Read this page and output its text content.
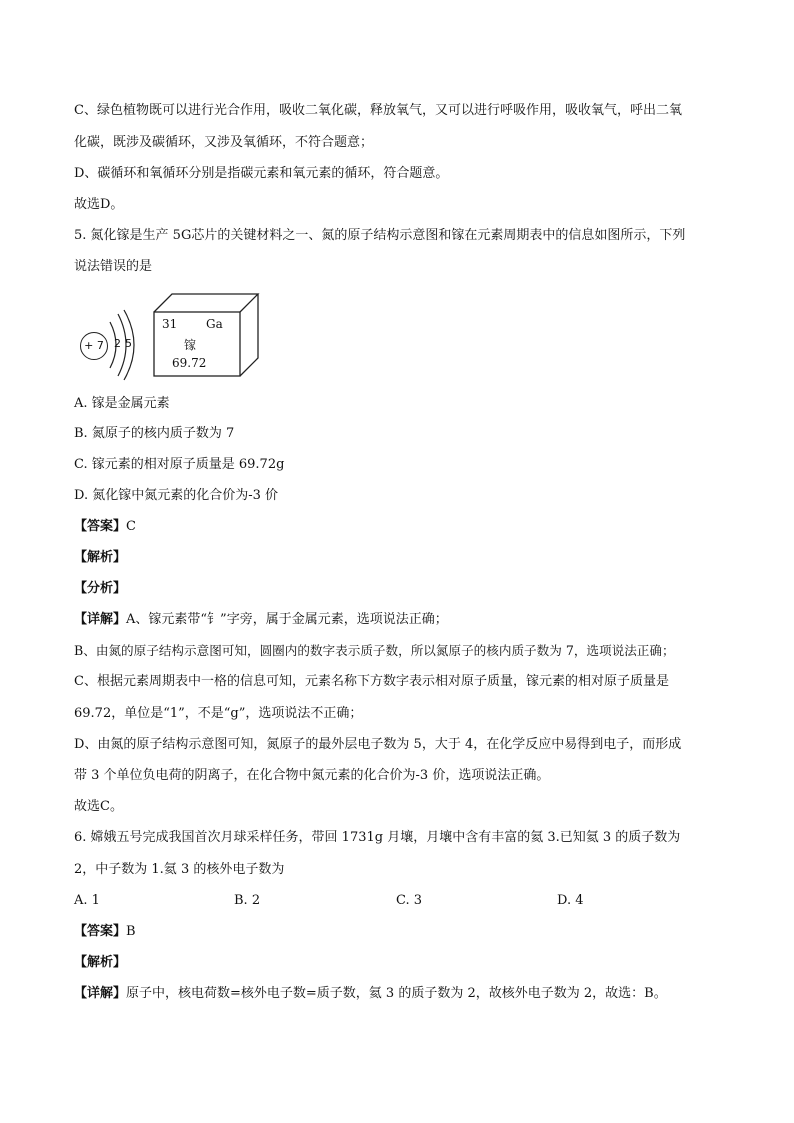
C、绿色植物既可以进行光合作用，吸收二氧化碳，释放氧气，又可以进行呼吸作用，吸收氧气，呼出二氧
化碳，既涉及碳循环，又涉及氧循环，不符合题意；
D、碳循环和氧循环分别是指碳元素和氧元素的循环，符合题意。
故选D。
5. 氮化镓是生产 5G芯片的关键材料之一、氮的原子结构示意图和镓在元素周期表中的信息如图所示，下列
说法错误的是
+ 7 2 5
31 Ga
镓
69.72
A. 镓是金属元素
B. 氮原子的核内质子数为 7
C. 镓元素的相对原子质量是 69.72g
D. 氮化镓中氮元素的化合价为-3 价
【答案】C
【解析】
【分析】
【详解】A、镓元素带“钅”字旁，属于金属元素，选项说法正确；
B、由氮的原子结构示意图可知，圆圈内的数字表示质子数，所以氮原子的核内质子数为 7，选项说法正确；
C、根据元素周期表中一格的信息可知，元素名称下方数字表示相对原子质量，镓元素的相对原子质量是
69.72，单位是“1”，不是“g”，选项说法不正确；
D、由氮的原子结构示意图可知，氮原子的最外层电子数为 5，大于 4，在化学反应中易得到电子，而形成
带 3 个单位负电荷的阴离子，在化合物中氮元素的化合价为-3 价，选项说法正确。
故选C。
6. 嫦娥五号完成我国首次月球采样任务，带回 1731g 月壤，月壤中含有丰富的氦 3.已知氦 3 的质子数为
2，中子数为 1.氦 3 的核外电子数为
A. 1	B. 2	C. 3	D. 4
【答案】B
【解析】
【详解】原子中，核电荷数=核外电子数=质子数，氦 3 的质子数为 2，故核外电子数为 2，故选：B。
